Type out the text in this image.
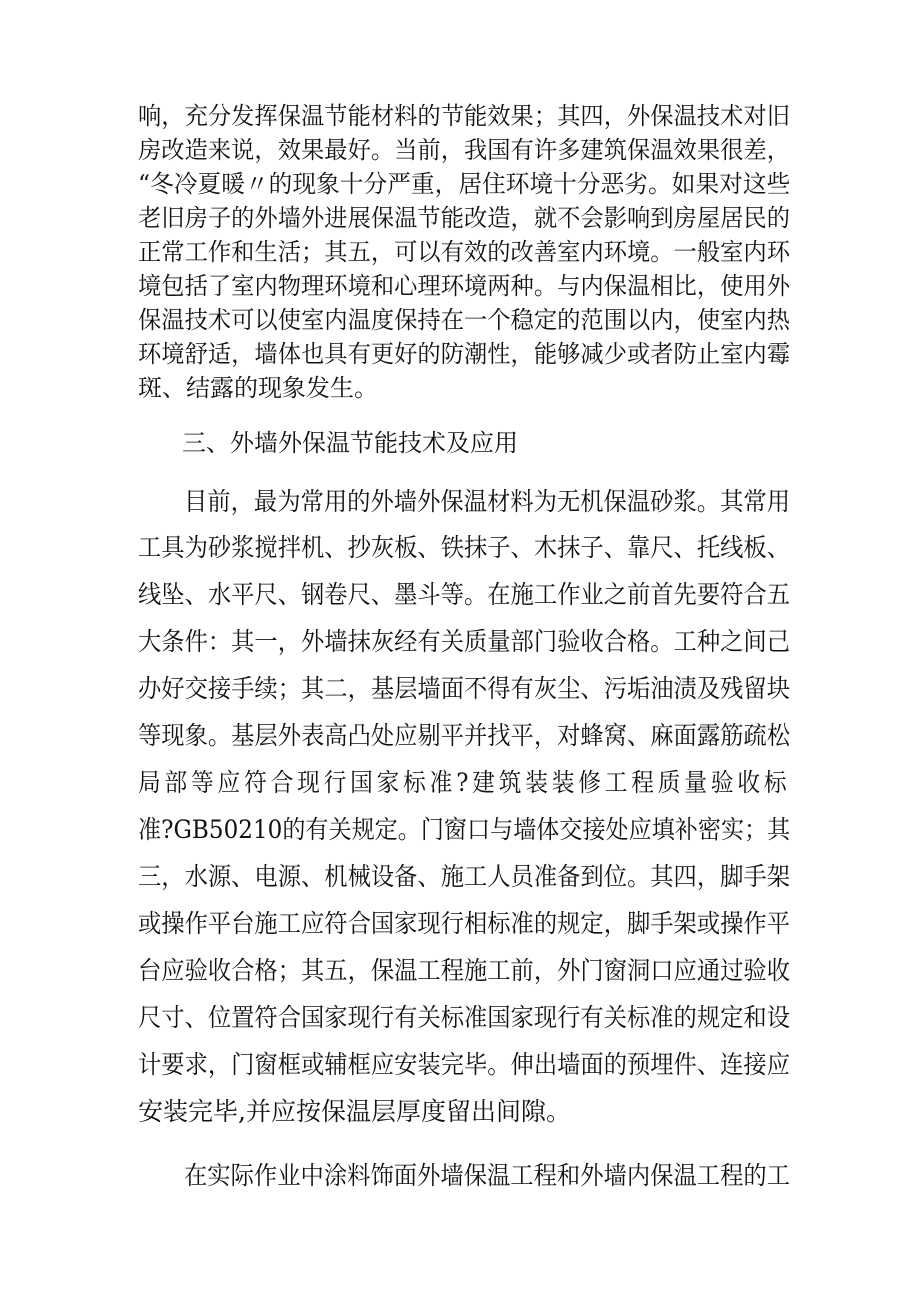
响，充分发挥保温节能材料的节能效果；其四，外保温技术对旧
房改造来说，效果最好。当前，我国有许多建筑保温效果很差，
“冬冷夏暖〃的现象十分严重，居住环境十分恶劣。如果对这些
老旧房子的外墙外进展保温节能改造，就不会影响到房屋居民的
正常工作和生活；其五，可以有效的改善室内环境。一般室内环
境包括了室内物理环境和心理环境两种。与内保温相比，使用外
保温技术可以使室内温度保持在一个稳定的范围以内，使室内热
环境舒适，墙体也具有更好的防潮性，能够减少或者防止室内霉
斑、结露的现象发生。
三、外墙外保温节能技术及应用
目前，最为常用的外墙外保温材料为无机保温砂浆。其常用
工具为砂浆搅拌机、抄灰板、铁抹子、木抹子、靠尺、托线板、
线坠、水平尺、钢卷尺、墨斗等。在施工作业之前首先要符合五
大条件：其一，外墙抹灰经有关质量部门验收合格。工种之间己
办好交接手续；其二，基层墙面不得有灰尘、污垢油渍及残留块
等现象。基层外表高凸处应剔平并找平，对蜂窝、麻面露筋疏松
局部等应符合现行国家标准?建筑装装修工程质量验收标
准?GB50210的有关规定。门窗口与墙体交接处应填补密实；其
三，水源、电源、机械设备、施工人员准备到位。其四，脚手架
或操作平台施工应符合国家现行相标准的规定，脚手架或操作平
台应验收合格；其五，保温工程施工前，外门窗洞口应通过验收
尺寸、位置符合国家现行有关标准国家现行有关标准的规定和设
计要求，门窗框或辅框应安装完毕。伸出墙面的预埋件、连接应
安装完毕,并应按保温层厚度留出间隙。
在实际作业中涂料饰面外墙保温工程和外墙内保温工程的工
